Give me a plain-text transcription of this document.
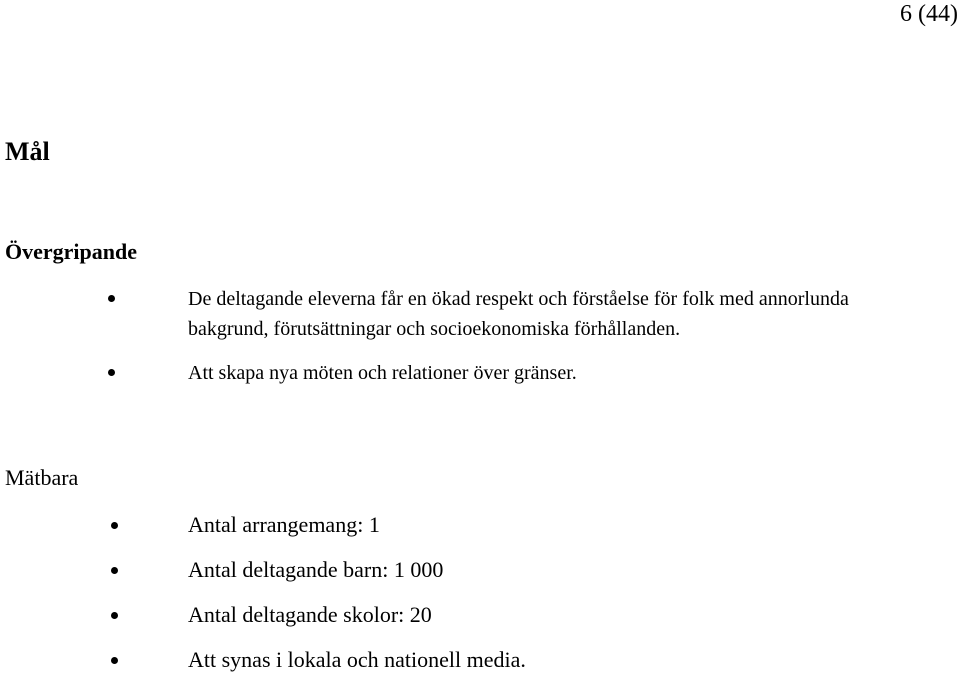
6 (44)
Mål
Övergripande
De deltagande eleverna får en ökad respekt och förståelse för folk med annorlunda bakgrund, förutsättningar och socioekonomiska förhållanden.
Att skapa nya möten och relationer över gränser.
Mätbara
Antal arrangemang: 1
Antal deltagande barn: 1 000
Antal deltagande skolor: 20
Att synas i lokala och nationell media.
